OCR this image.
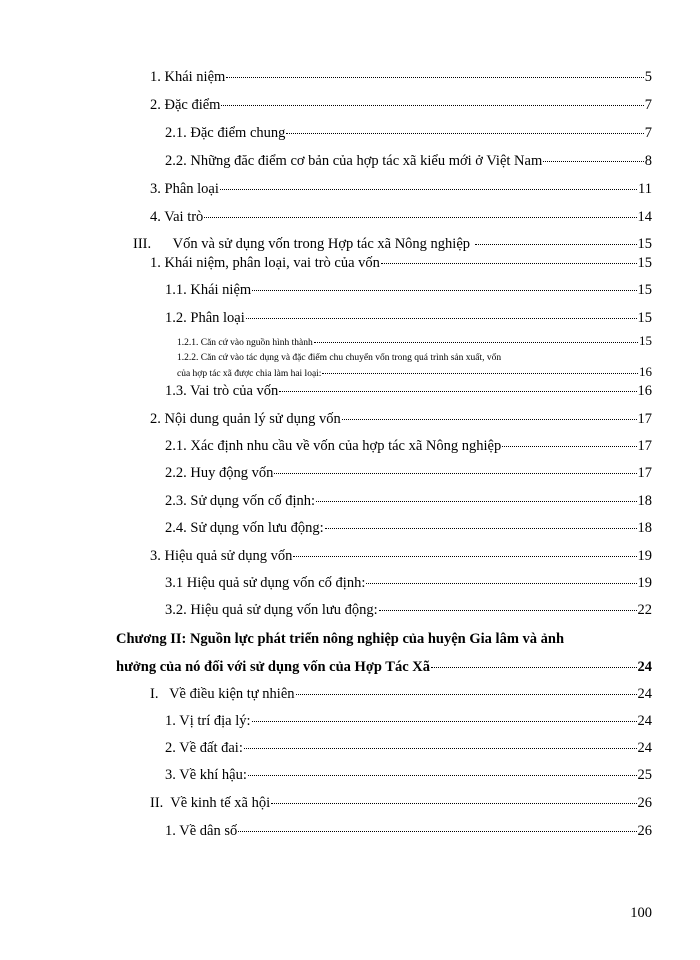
1. Khái niệm	5
2. Đặc điểm	7
2.1. Đặc điểm chung	7
2.2. Những đăc điểm cơ bản của hợp tác xã kiểu mới ở Việt Nam	8
3. Phân loại	11
4. Vai trò	14
III.      Vốn và sử dụng vốn trong Hợp tác xã Nông nghiệp	15
1. Khái niệm, phân loại, vai trò của vốn	15
1.1. Khái niệm	15
1.2. Phân loại	15
1.2.1. Căn cứ vào nguồn hình thành	15
1.2.2. Căn cứ vào tác dụng và đặc điểm chu chuyển vốn trong quá trình sản xuất, vốn
của hợp tác xã được chia làm hai loại:	16
1.3. Vai trò của vốn	16
2. Nội dung quản lý sử dụng vốn	17
2.1. Xác định nhu cầu về vốn của hợp tác xã Nông nghiệp	17
2.2. Huy động vốn	17
2.3. Sử dụng vốn cố định:	18
2.4. Sử dụng vốn lưu động:	18
3. Hiệu quả sử dụng vốn	19
3.1 Hiệu quả sử dụng vốn cố định:	19
3.2. Hiệu quả sử dụng vốn lưu động:	22
Chương II: Nguồn lực phát triển nông nghiệp của huyện Gia lâm và ảnh
hưởng của nó đối với sử dụng vốn của Hợp Tác Xã	24
I.   Về điều kiện tự nhiên	24
1. Vị trí địa lý:	24
2. Về đất đai:	24
3. Về khí hậu:	25
II.  Về kinh tế xã hội	26
1. Về dân số	26
100
